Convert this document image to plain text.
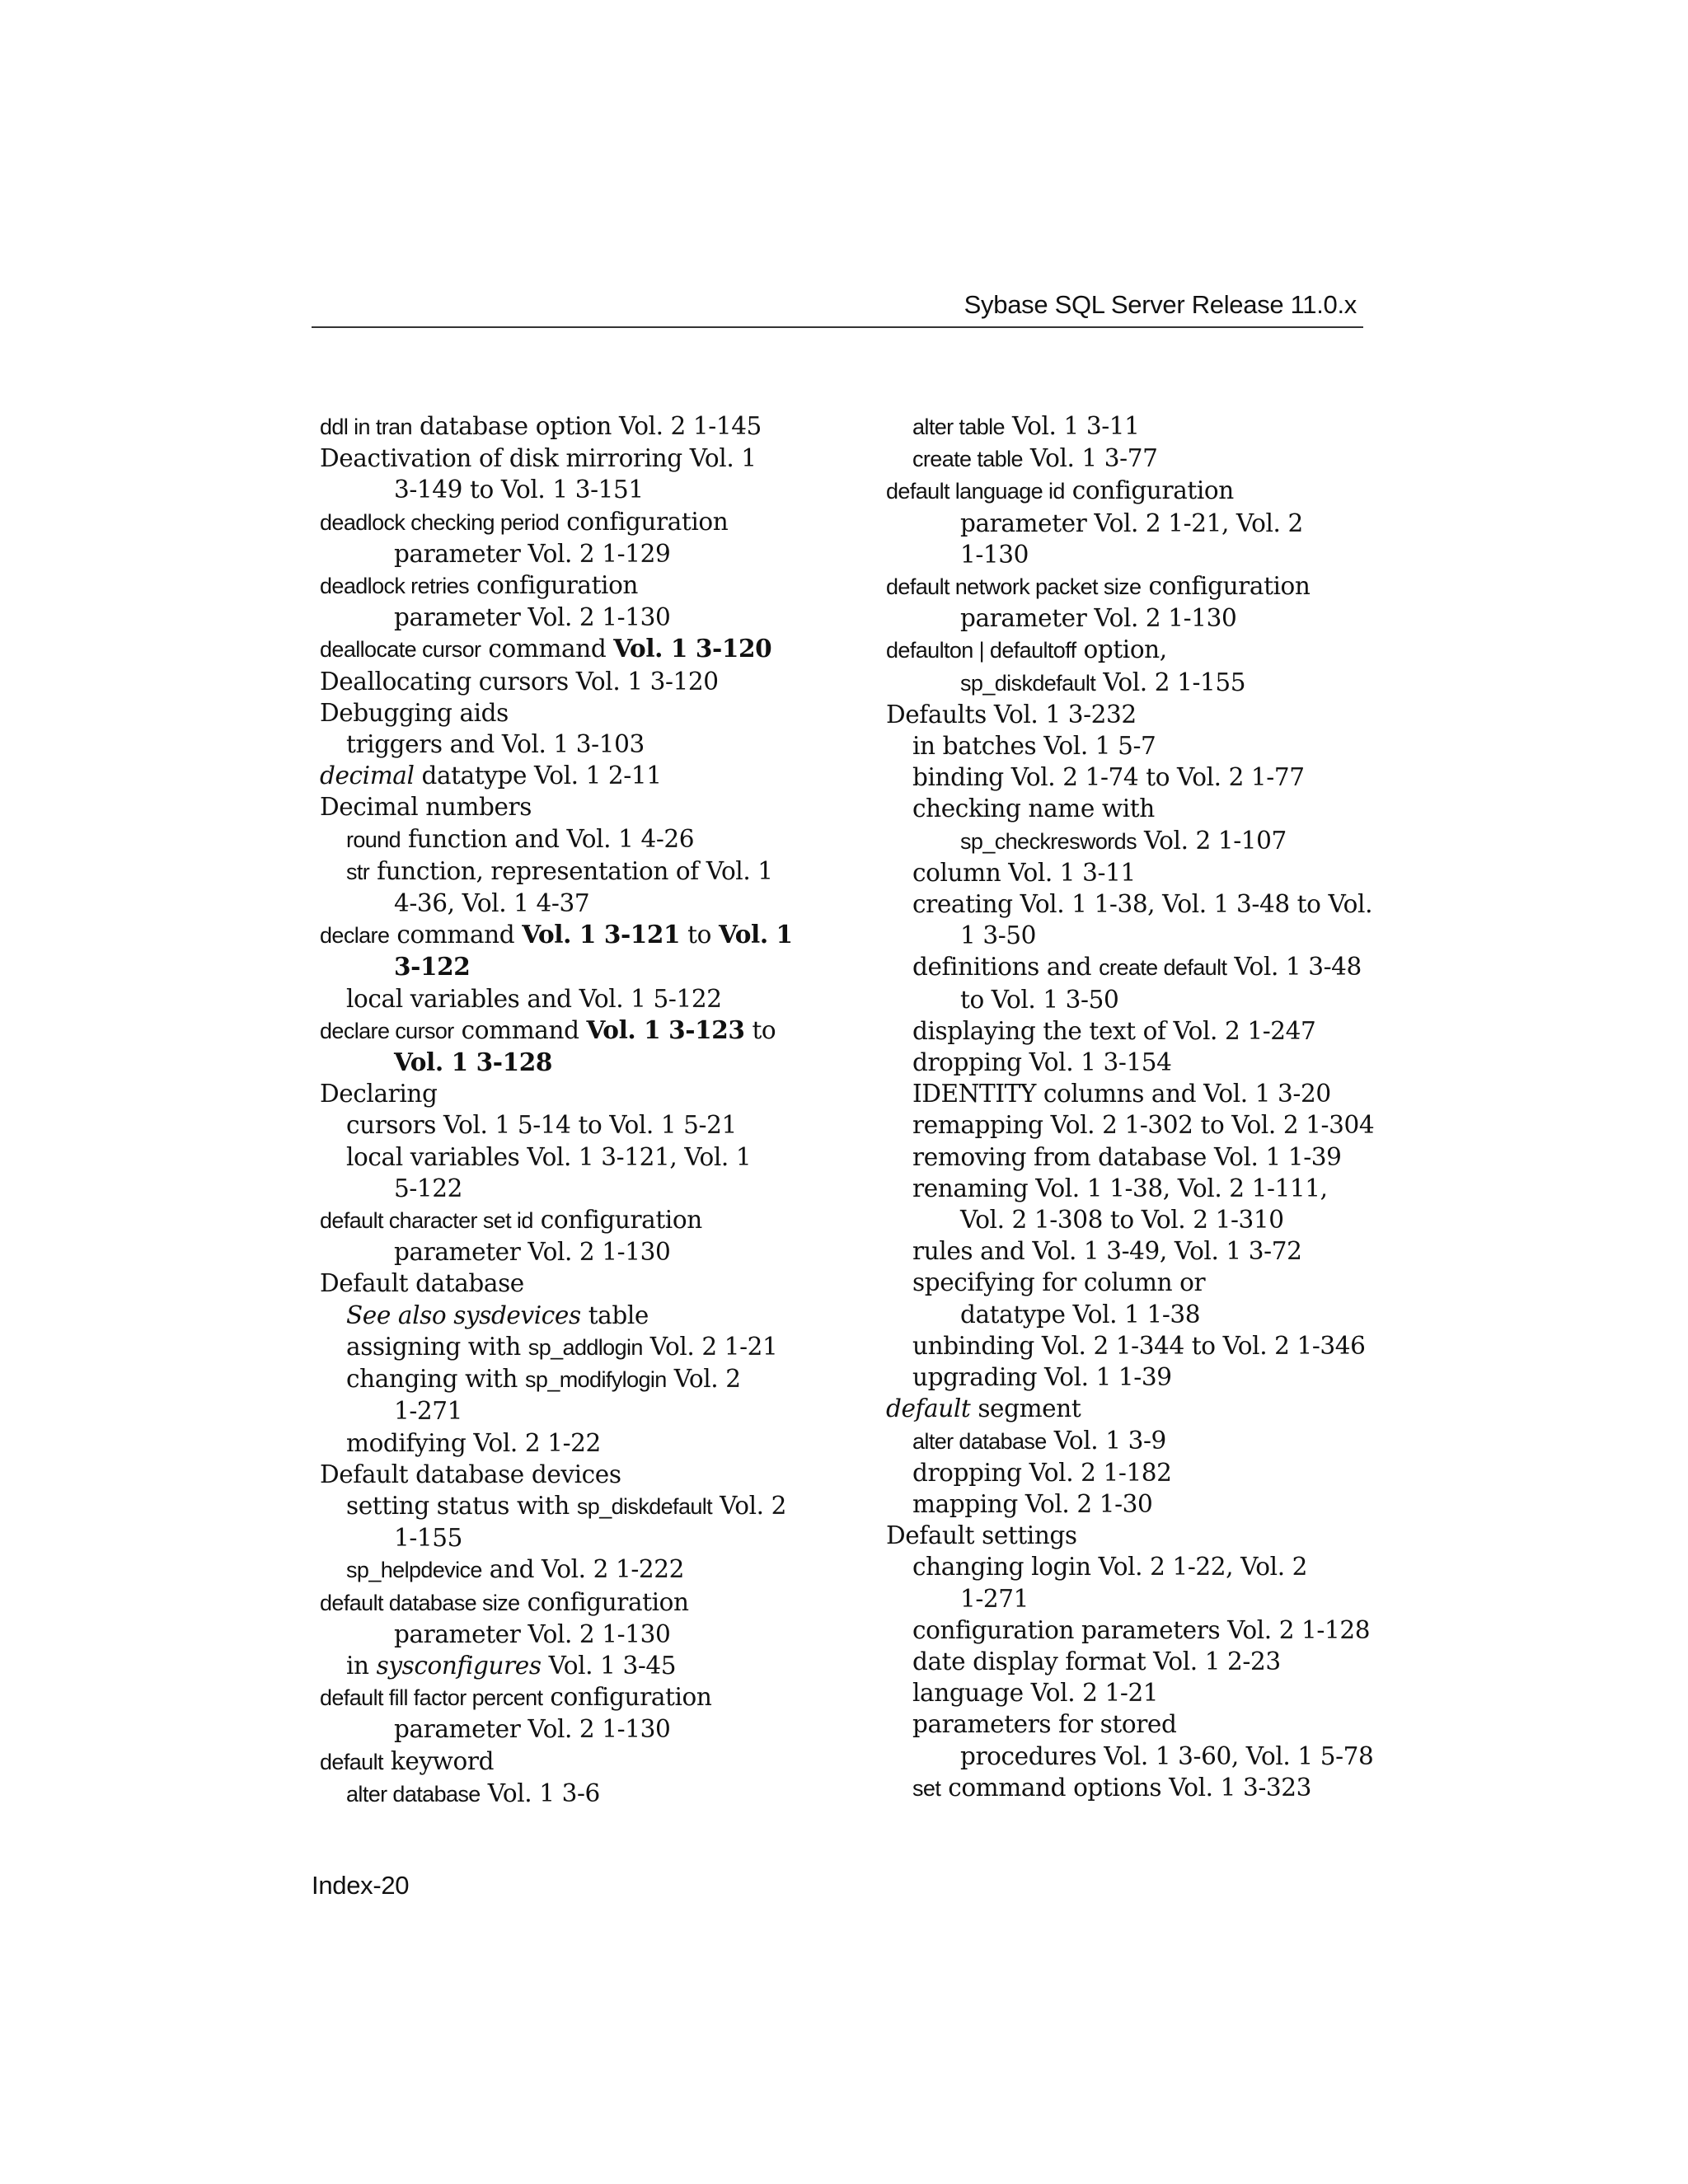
Sybase SQL Server Release 11.0.x
ddl in tran database option Vol. 2 1-145
Deactivation of disk mirroring Vol. 1
3-149 to Vol. 1 3-151
deadlock checking period configuration
parameter Vol. 2 1-129
deadlock retries configuration
parameter Vol. 2 1-130
deallocate cursor command Vol. 1 3-120
Deallocating cursors Vol. 1 3-120
Debugging aids
triggers and Vol. 1 3-103
decimal datatype Vol. 1 2-11
Decimal numbers
round function and Vol. 1 4-26
str function, representation of Vol. 1
4-36, Vol. 1 4-37
declare command Vol. 1 3-121 to Vol. 1
3-122
local variables and Vol. 1 5-122
declare cursor command Vol. 1 3-123 to
Vol. 1 3-128
Declaring
cursors Vol. 1 5-14 to Vol. 1 5-21
local variables Vol. 1 3-121, Vol. 1
5-122
default character set id configuration
parameter Vol. 2 1-130
Default database
See also sysdevices table
assigning with sp_addlogin Vol. 2 1-21
changing with sp_modifylogin Vol. 2
1-271
modifying Vol. 2 1-22
Default database devices
setting status with sp_diskdefault Vol. 2
1-155
sp_helpdevice and Vol. 2 1-222
default database size configuration
parameter Vol. 2 1-130
in sysconfigures Vol. 1 3-45
default fill factor percent configuration
parameter Vol. 2 1-130
default keyword
alter database Vol. 1 3-6
alter table Vol. 1 3-11
create table Vol. 1 3-77
default language id configuration
parameter Vol. 2 1-21, Vol. 2
1-130
default network packet size configuration
parameter Vol. 2 1-130
defaulton | defaultoff option,
sp_diskdefault Vol. 2 1-155
Defaults Vol. 1 3-232
in batches Vol. 1 5-7
binding Vol. 2 1-74 to Vol. 2 1-77
checking name with
sp_checkreswords Vol. 2 1-107
column Vol. 1 3-11
creating Vol. 1 1-38, Vol. 1 3-48 to Vol.
1 3-50
definitions and create default Vol. 1 3-48
to Vol. 1 3-50
displaying the text of Vol. 2 1-247
dropping Vol. 1 3-154
IDENTITY columns and Vol. 1 3-20
remapping Vol. 2 1-302 to Vol. 2 1-304
removing from database Vol. 1 1-39
renaming Vol. 1 1-38, Vol. 2 1-111,
Vol. 2 1-308 to Vol. 2 1-310
rules and Vol. 1 3-49, Vol. 1 3-72
specifying for column or
datatype Vol. 1 1-38
unbinding Vol. 2 1-344 to Vol. 2 1-346
upgrading Vol. 1 1-39
default segment
alter database Vol. 1 3-9
dropping Vol. 2 1-182
mapping Vol. 2 1-30
Default settings
changing login Vol. 2 1-22, Vol. 2
1-271
configuration parameters Vol. 2 1-128
date display format Vol. 1 2-23
language Vol. 2 1-21
parameters for stored
procedures Vol. 1 3-60, Vol. 1 5-78
set command options Vol. 1 3-323
Index-20
